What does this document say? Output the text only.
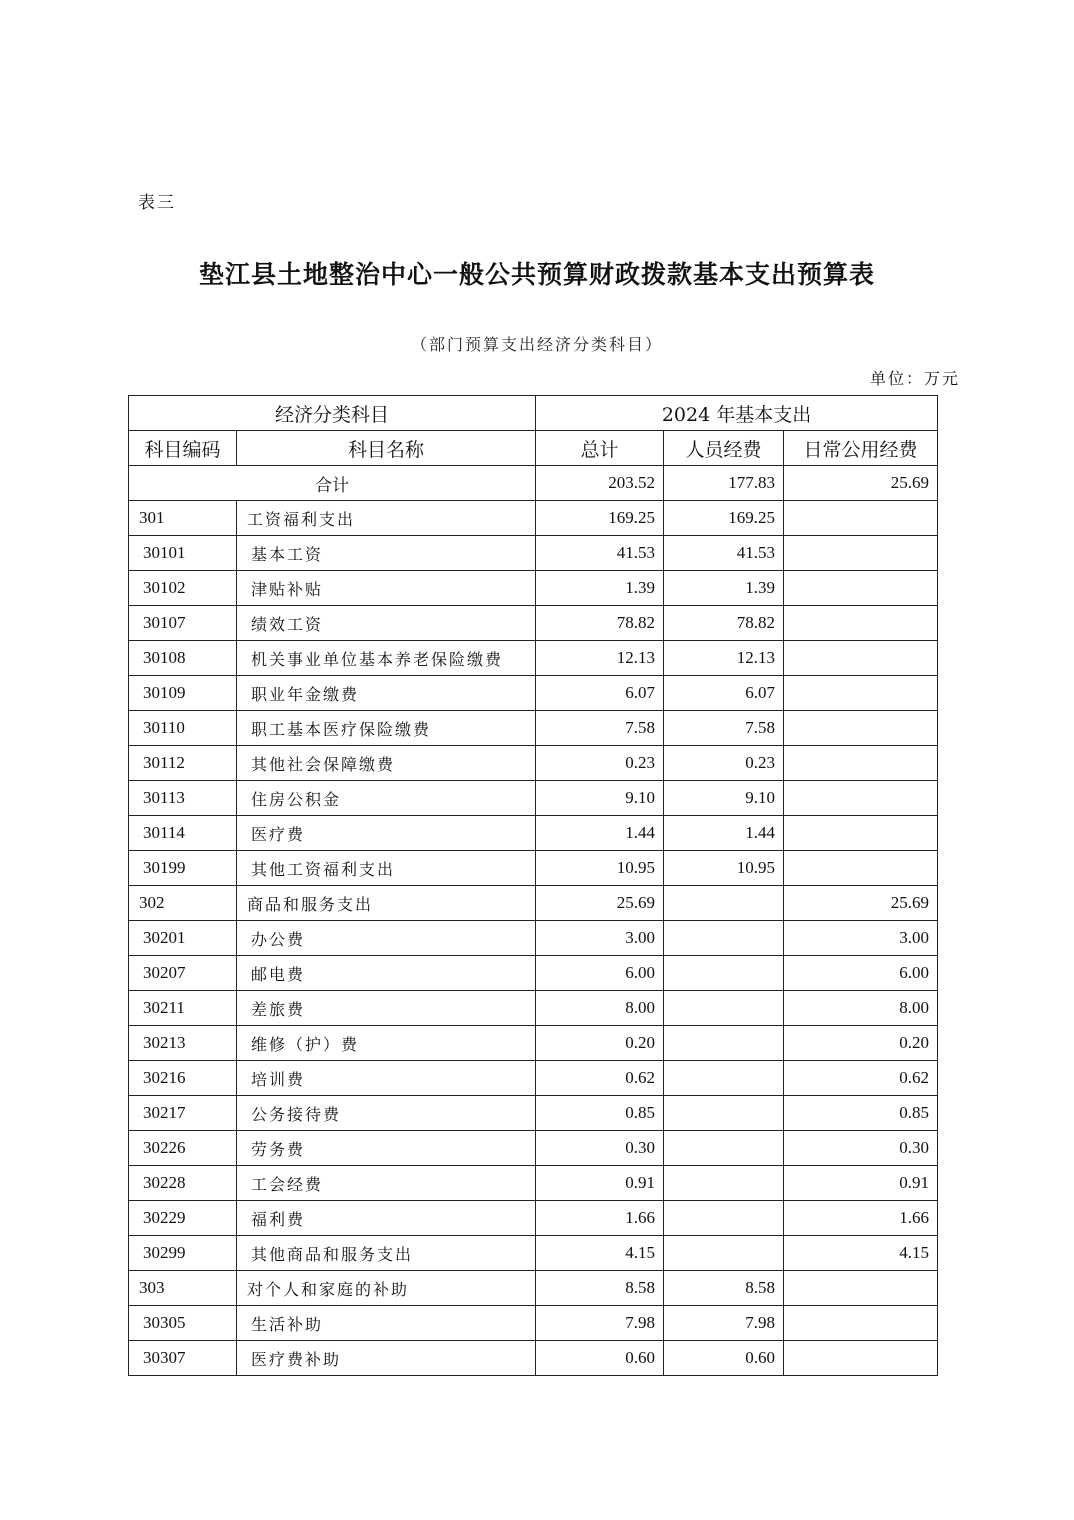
表三
垫江县土地整治中心一般公共预算财政拨款基本支出预算表
（部门预算支出经济分类科目）
单位：万元
经济分类科目		2024 年基本支出		
科目编码	科目名称	总计	人员经费	日常公用经费
合计		203.52	177.83	25.69
301	工资福利支出	169.25	169.25	
30101	基本工资	41.53	41.53	
30102	津贴补贴	1.39	1.39	
30107	绩效工资	78.82	78.82	
30108	机关事业单位基本养老保险缴费	12.13	12.13	
30109	职业年金缴费	6.07	6.07	
30110	职工基本医疗保险缴费	7.58	7.58	
30112	其他社会保障缴费	0.23	0.23	
30113	住房公积金	9.10	9.10	
30114	医疗费	1.44	1.44	
30199	其他工资福利支出	10.95	10.95	
302	商品和服务支出	25.69		25.69
30201	办公费	3.00		3.00
30207	邮电费	6.00		6.00
30211	差旅费	8.00		8.00
30213	维修（护）费	0.20		0.20
30216	培训费	0.62		0.62
30217	公务接待费	0.85		0.85
30226	劳务费	0.30		0.30
30228	工会经费	0.91		0.91
30229	福利费	1.66		1.66
30299	其他商品和服务支出	4.15		4.15
303	对个人和家庭的补助	8.58	8.58	
30305	生活补助	7.98	7.98	
30307	医疗费补助	0.60	0.60	
